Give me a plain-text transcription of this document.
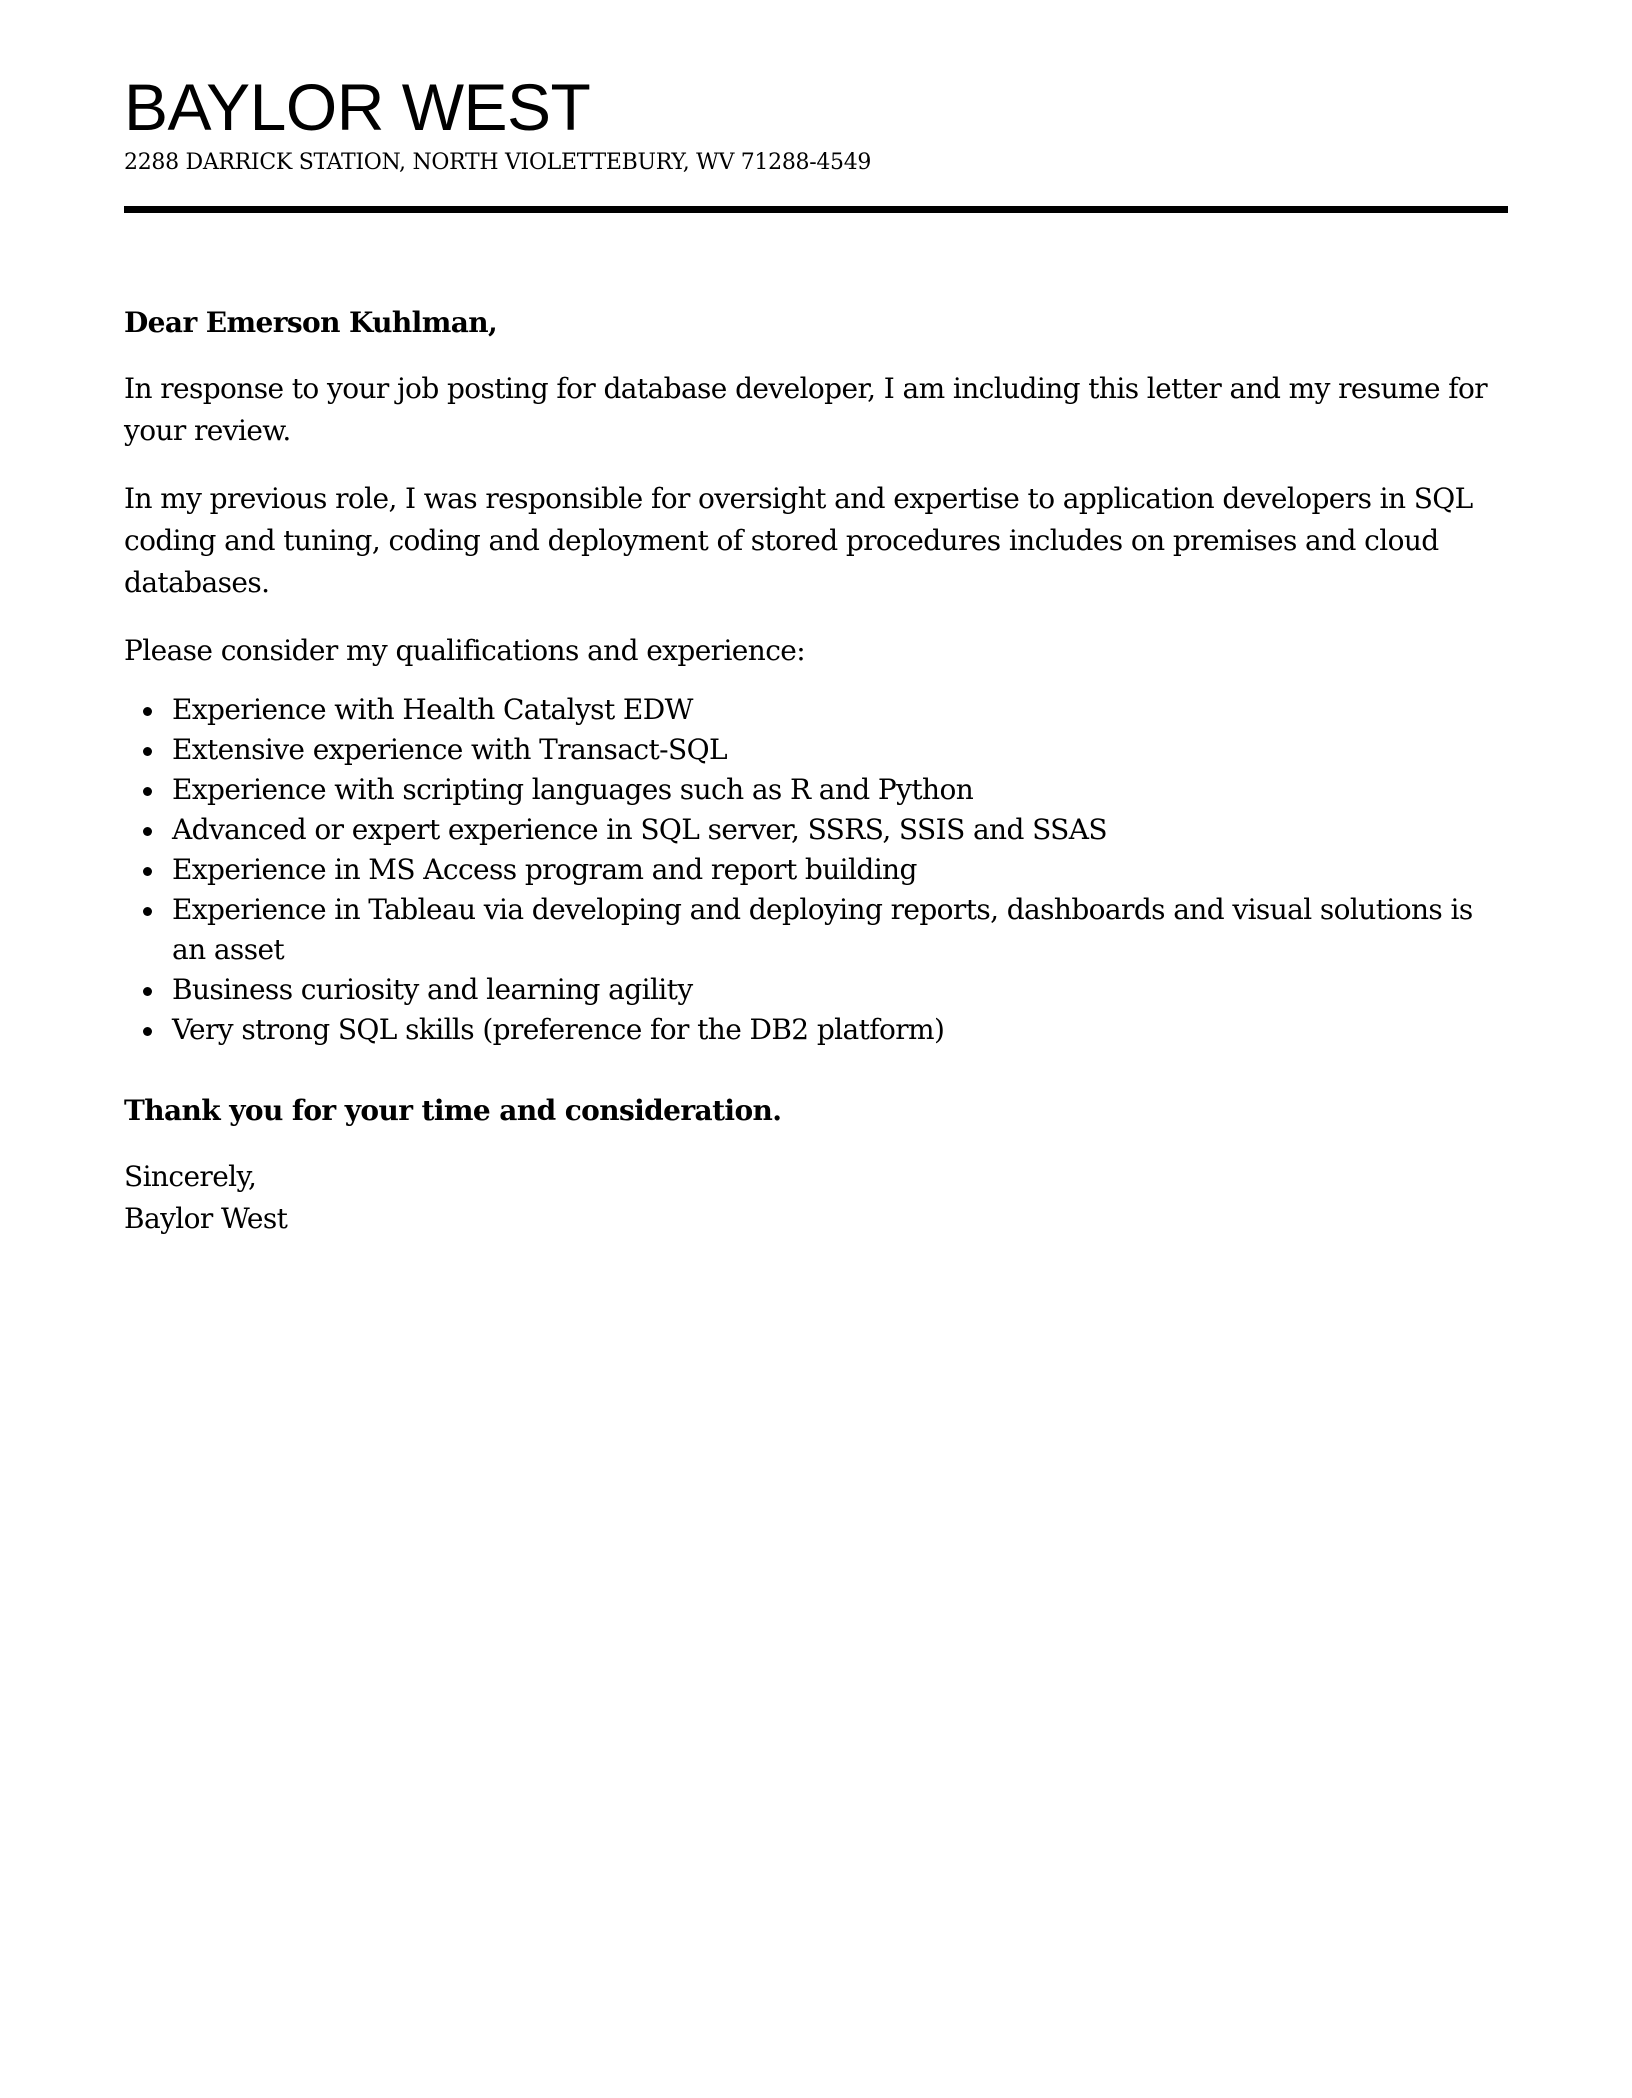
BAYLOR WEST
2288 DARRICK STATION, NORTH VIOLETTEBURY, WV 71288-4549

Dear Emerson Kuhlman,

In response to your job posting for database developer, I am including this letter and my resume for your review.

In my previous role, I was responsible for oversight and expertise to application developers in SQL coding and tuning, coding and deployment of stored procedures includes on premises and cloud databases.

Please consider my qualifications and experience:

Experience with Health Catalyst EDW
Extensive experience with Transact-SQL
Experience with scripting languages such as R and Python
Advanced or expert experience in SQL server, SSRS, SSIS and SSAS
Experience in MS Access program and report building
Experience in Tableau via developing and deploying reports, dashboards and visual solutions is an asset
Business curiosity and learning agility
Very strong SQL skills (preference for the DB2 platform)

Thank you for your time and consideration.

Sincerely,

Baylor West
